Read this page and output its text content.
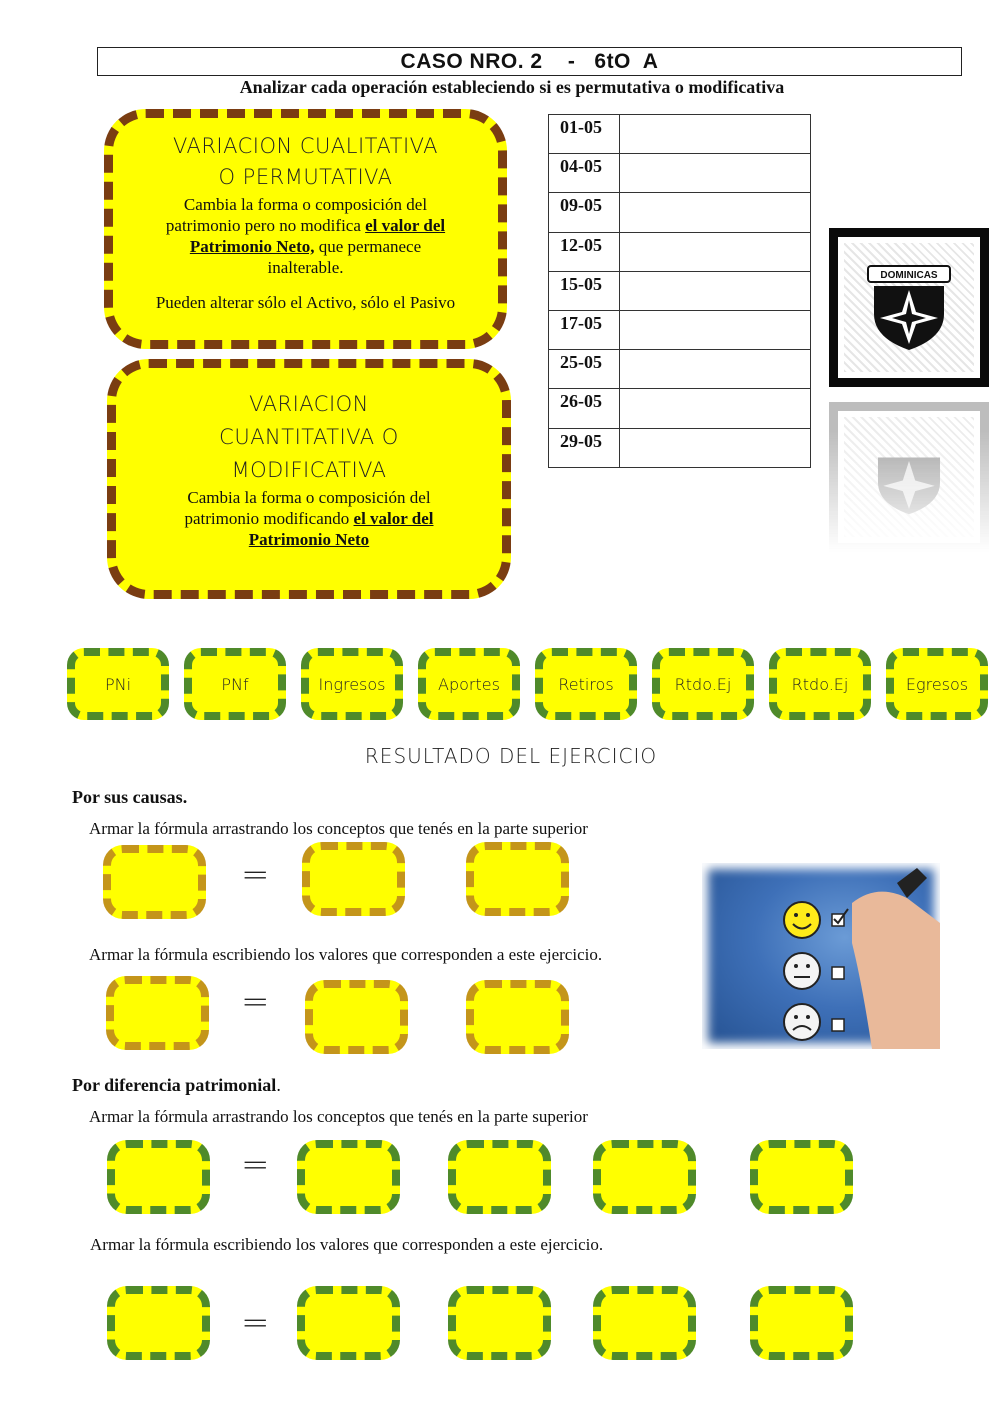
CASO NRO. 2    -   6tO  A
Analizar cada operación estableciendo si es permutativa o modificativa
VARIACION CUALITATIVA
O PERMUTATIVA
Cambia la forma o composición del patrimonio pero no modifica el valor del Patrimonio Neto, que permanece inalterable.
Pueden alterar sólo el Activo, sólo el Pasivo
VARIACION
CUANTITATIVA O
MODIFICATIVA
Cambia la forma o composición del patrimonio modificando el valor del Patrimonio Neto
01-05	
04-05	
09-05	
12-05	
15-05	
17-05	
25-05	
26-05	
29-05	
DOMINICAS
PNi	PNf	Ingresos	Aportes	Retiros	Rtdo.Ej	Rtdo.Ej	Egresos
RESULTADO DEL EJERCICIO
Por sus causas.
Armar la fórmula arrastrando los conceptos que tenés en la parte superior
=
Armar la fórmula escribiendo los valores que corresponden a este ejercicio.
=
Por diferencia patrimonial.
Armar la fórmula arrastrando los conceptos que tenés en la parte superior
=
Armar la fórmula escribiendo los valores que corresponden a este ejercicio.
=
